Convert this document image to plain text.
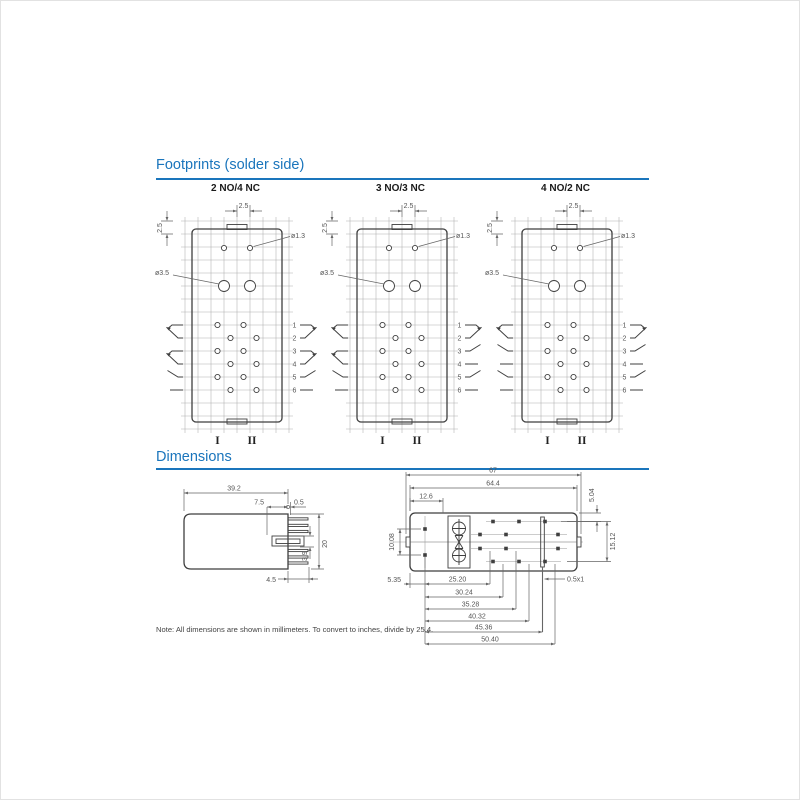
Footprints (solder side)
2 NO/4 NC	3 NO/3 NC	4 NO/2 NC
2.5
2.5
ø1.3
ø3.5
1
2
3
4
5
6
I II
2.5
2.5
ø1.3
ø3.5
1
2
3
4
5
6
I II
2.5
2.5
ø1.3
ø3.5
1
2
3
4
5
6
I II
Dimensions
39.2
7.5	0.5
20
3.9
4.5
67
64.4
12.6	5.04
15.12
10.08
5.35	0.5x1
25.20
30.24
35.28
40.32
45.36
50.40
Note: All dimensions are shown in millimeters. To convert to inches, divide by 25.4.
